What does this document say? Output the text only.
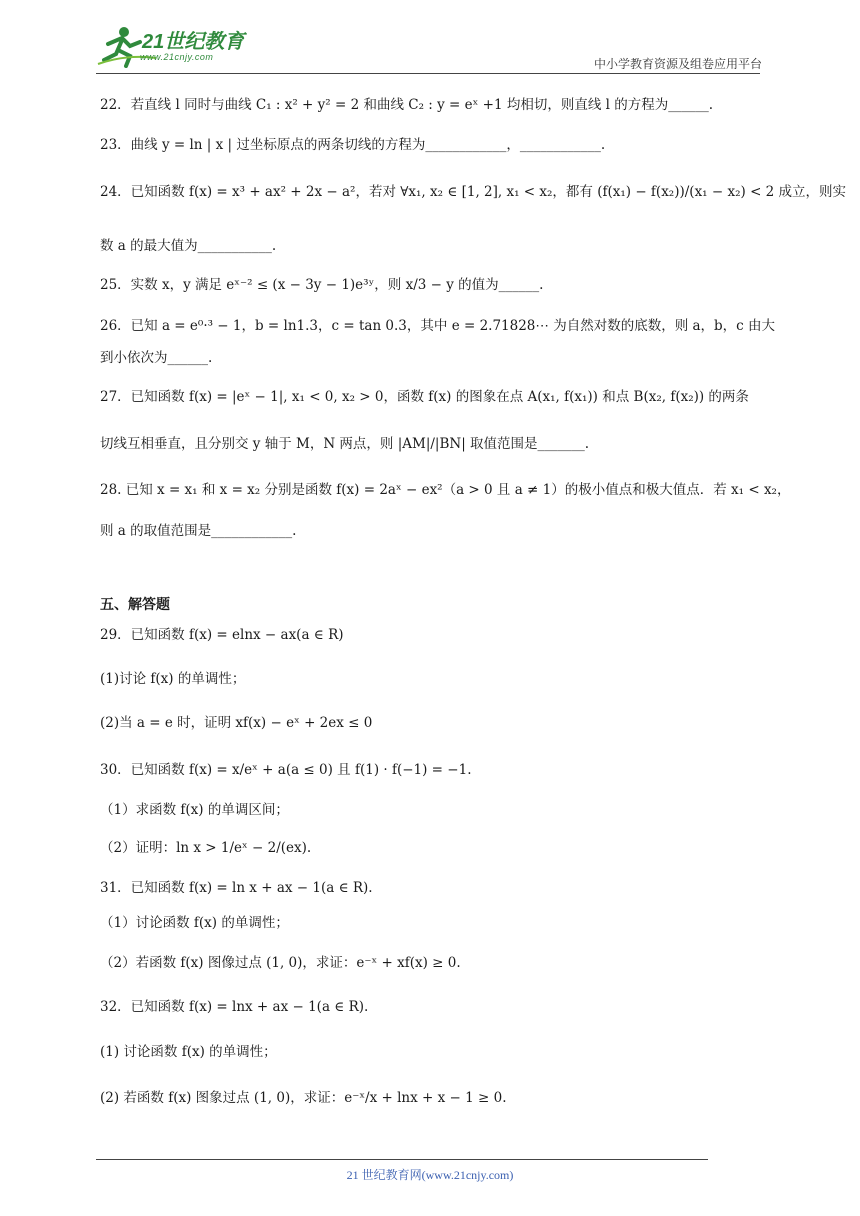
21世纪教育
www.21cnjy.com	中小学教育资源及组卷应用平台
22．若直线 l 同时与曲线 C₁ : x² + y² = 2 和曲线 C₂ : y = eˣ +1 均相切，则直线 l 的方程为______.
23．曲线 y = ln | x | 过坐标原点的两条切线的方程为____________，____________.
24．已知函数 f(x) = x³ + ax² + 2x − a²，若对 ∀x₁, x₂ ∈ [1, 2], x₁ < x₂，都有 (f(x₁) − f(x₂))/(x₁ − x₂) < 2 成立，则实
数 a 的最大值为___________.
25．实数 x，y 满足 eˣ⁻² ≤ (x − 3y − 1)e³ʸ，则 x/3 − y 的值为______.
26．已知 a = e⁰·³ − 1，b = ln1.3，c = tan 0.3，其中 e = 2.71828⋯ 为自然对数的底数，则 a，b，c 由大
到小依次为______.
27．已知函数 f(x) = |eˣ − 1|, x₁ < 0, x₂ > 0，函数 f(x) 的图象在点 A(x₁, f(x₁)) 和点 B(x₂, f(x₂)) 的两条
切线互相垂直，且分别交 y 轴于 M，N 两点，则 |AM|/|BN| 取值范围是_______.
28. 已知 x = x₁ 和 x = x₂ 分别是函数 f(x) = 2aˣ − ex²（a > 0 且 a ≠ 1）的极小值点和极大值点．若 x₁ < x₂，
则 a 的取值范围是____________.
五、解答题
29．已知函数 f(x) = elnx − ax(a ∈ R)
(1)讨论 f(x) 的单调性；
(2)当 a = e 时，证明 xf(x) − eˣ + 2ex ≤ 0
30．已知函数 f(x) = x/eˣ + a(a ≤ 0) 且 f(1) · f(−1) = −1.
（1）求函数 f(x) 的单调区间；
（2）证明：ln x > 1/eˣ − 2/(ex).
31．已知函数 f(x) = ln x + ax − 1(a ∈ R).
（1）讨论函数 f(x) 的单调性；
（2）若函数 f(x) 图像过点 (1, 0)，求证：e⁻ˣ + xf(x) ≥ 0.
32．已知函数 f(x) = lnx + ax − 1(a ∈ R).
(1) 讨论函数 f(x) 的单调性；
(2) 若函数 f(x) 图象过点 (1, 0)，求证：e⁻ˣ/x + lnx + x − 1 ≥ 0.
21 世纪教育网(www.21cnjy.com)
